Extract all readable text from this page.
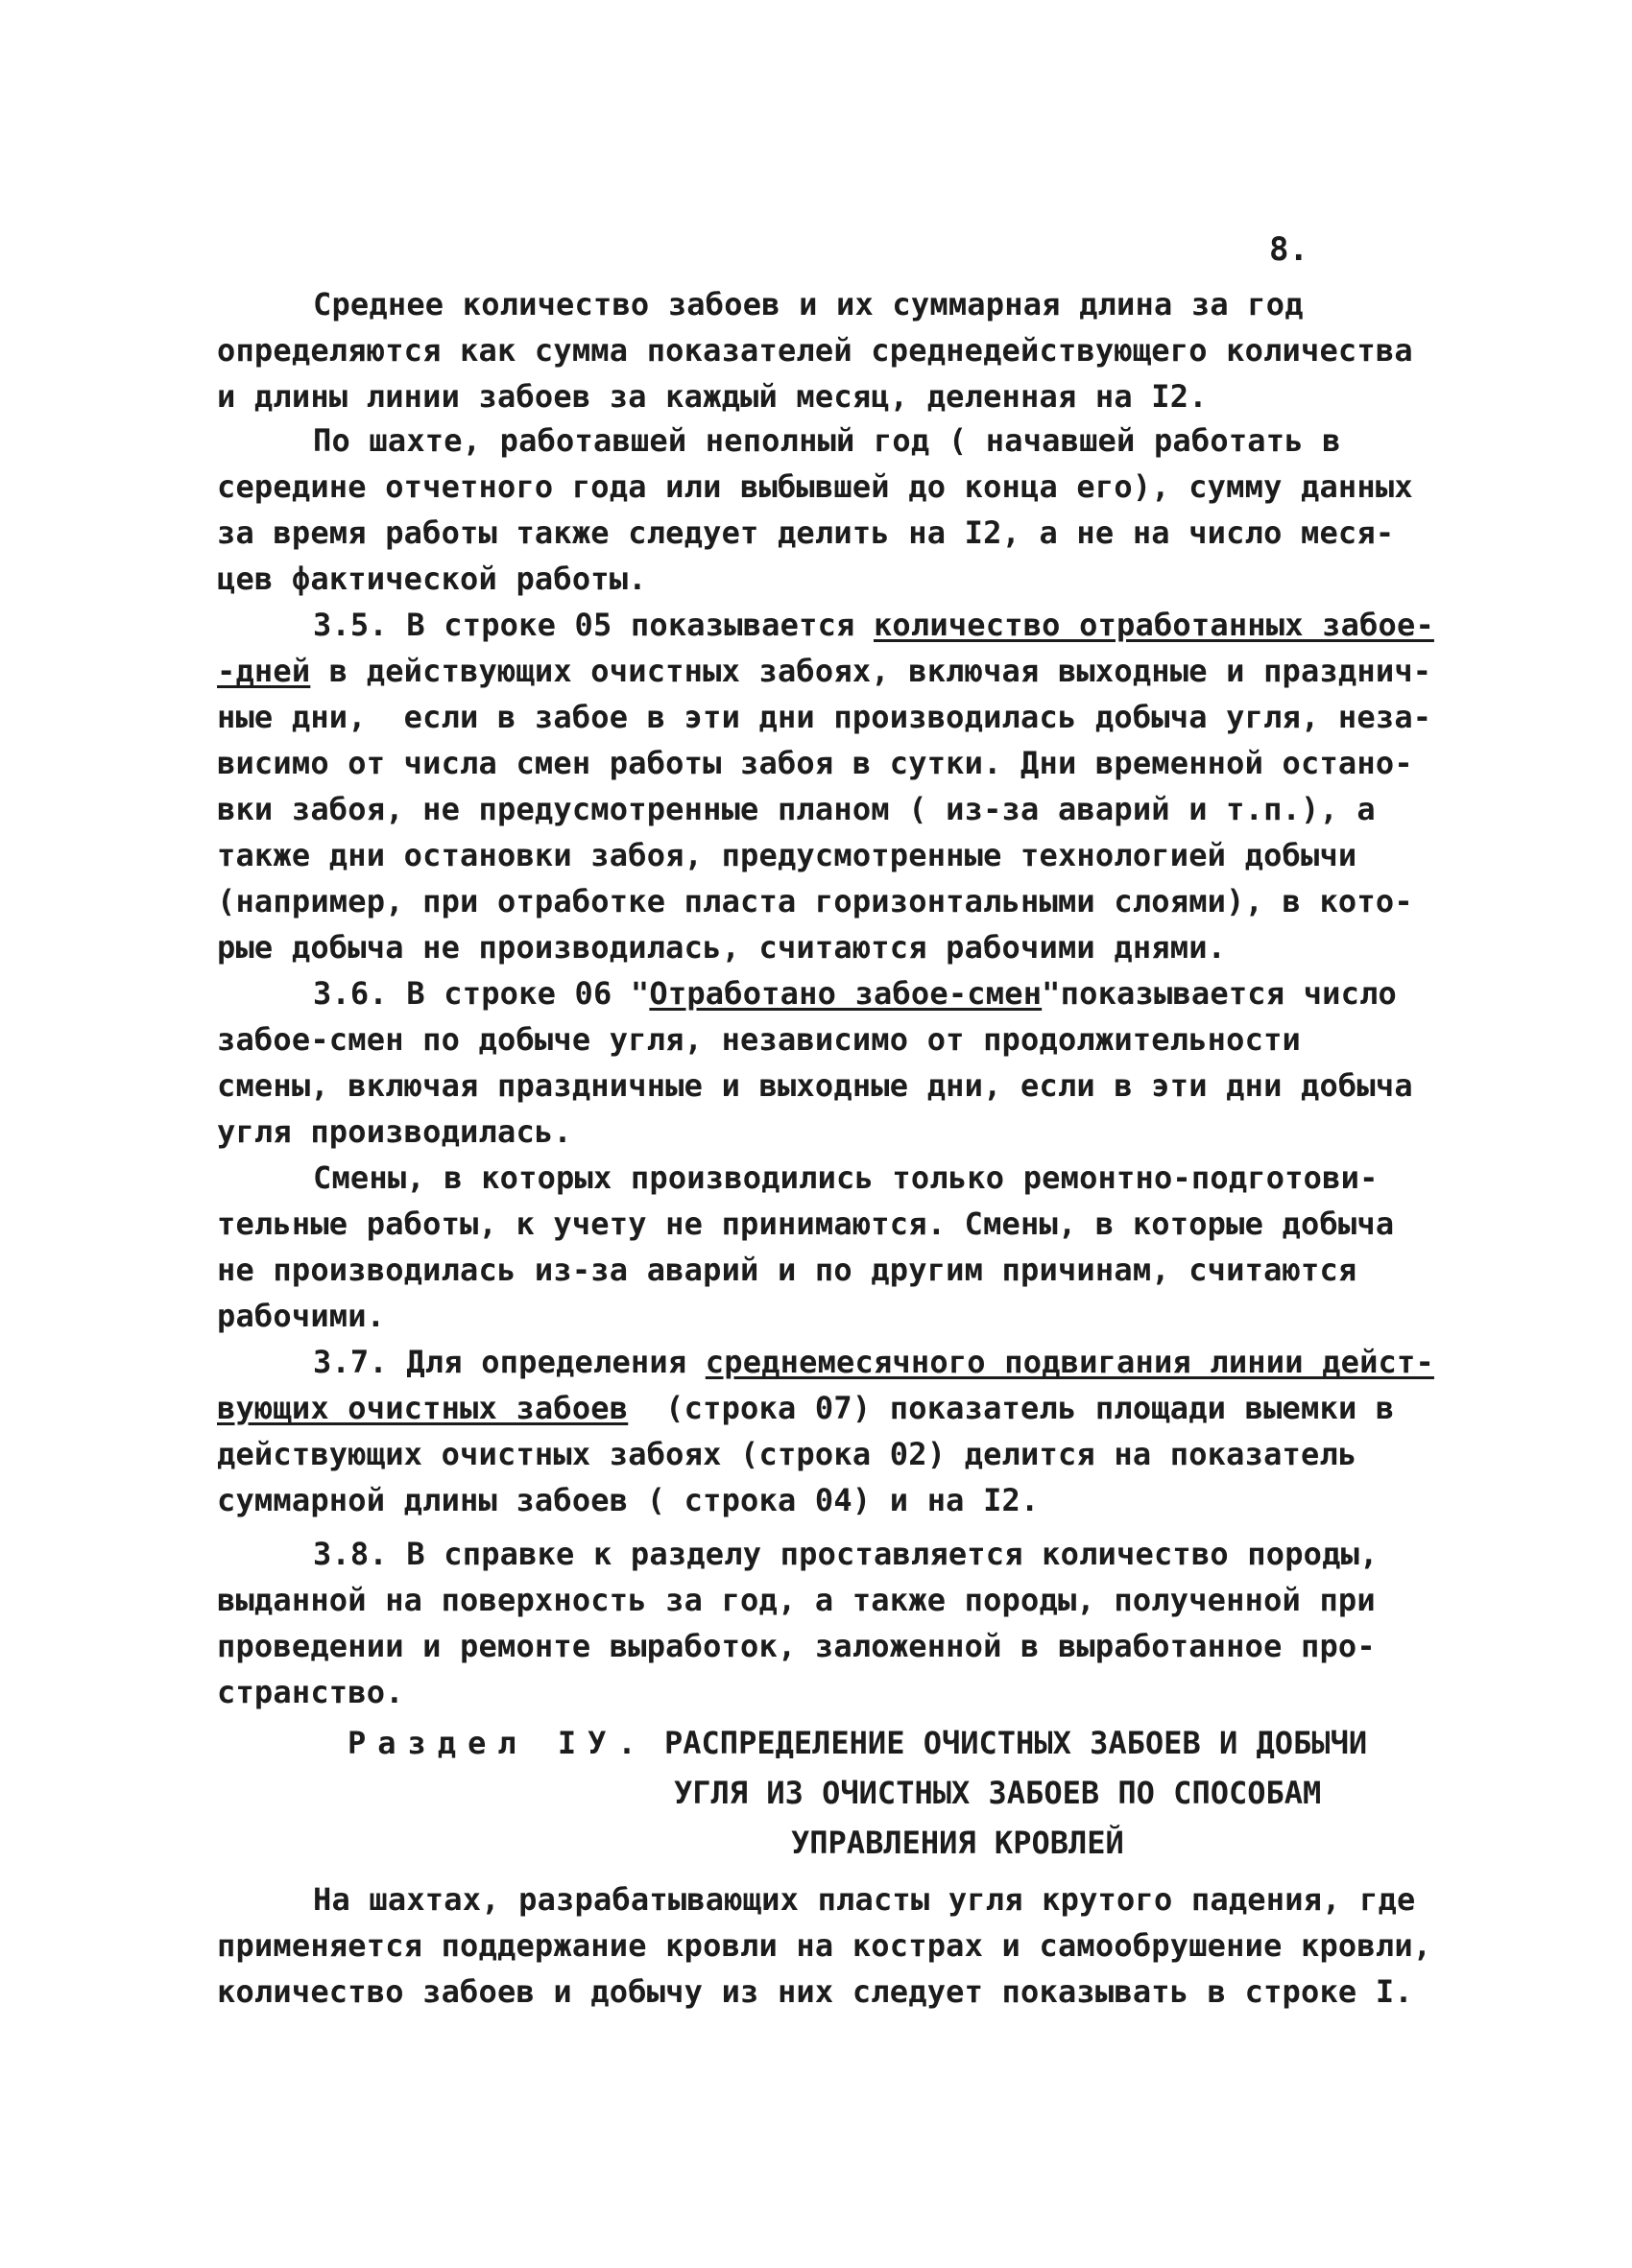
8.
Среднее количество забоев и их суммарная длина за год
определяются как сумма показателей среднедействующего количества
и длины линии забоев за каждый месяц, деленная на I2.
По шахте, работавшей неполный год ( начавшей работать в
середине отчетного года или выбывшей до конца его), сумму данных
за время работы также следует делить на I2, а не на число меся-
цев фактической работы.
3.5. В строке 05 показывается количество отработанных забое-
-дней в действующих очистных забоях, включая выходные и празднич-
ные дни,  если в забое в эти дни производилась добыча угля, неза-
висимо от числа смен работы забоя в сутки. Дни временной остано-
вки забоя, не предусмотренные планом ( из-за аварий и т.п.), а
также дни остановки забоя, предусмотренные технологией добычи
(например, при отработке пласта горизонтальными слоями), в кото-
рые добыча не производилась, считаются рабочими днями.
3.6. В строке 06 "Отработано забое-смен"показывается число
забое-смен по добыче угля, независимо от продолжительности
смены, включая праздничные и выходные дни, если в эти дни добыча
угля производилась.
Смены, в которых производились только ремонтно-подготови-
тельные работы, к учету не принимаются. Смены, в которые добыча
не производилась из-за аварий и по другим причинам, считаются
рабочими.
3.7. Для определения среднемесячного подвигания линии дейст-
вующих очистных забоев  (строка 07) показатель площади выемки в
действующих очистных забоях (строка 02) делится на показатель
суммарной длины забоев ( строка 04) и на I2.
3.8. В справке к разделу проставляется количество породы,
выданной на поверхность за год, а также породы, полученной при
проведении и ремонте выработок, заложенной в выработанное про-
странство.
Раздел IУ. РАСПРЕДЕЛЕНИЕ ОЧИСТНЫХ ЗАБОЕВ И ДОБЫЧИ
УГЛЯ ИЗ ОЧИСТНЫХ ЗАБОЕВ ПО СПОСОБАМ
УПРАВЛЕНИЯ КРОВЛЕЙ
На шахтах, разрабатывающих пласты угля крутого падения, где
применяется поддержание кровли на кострах и самообрушение кровли,
количество забоев и добычу из них следует показывать в строке I.
